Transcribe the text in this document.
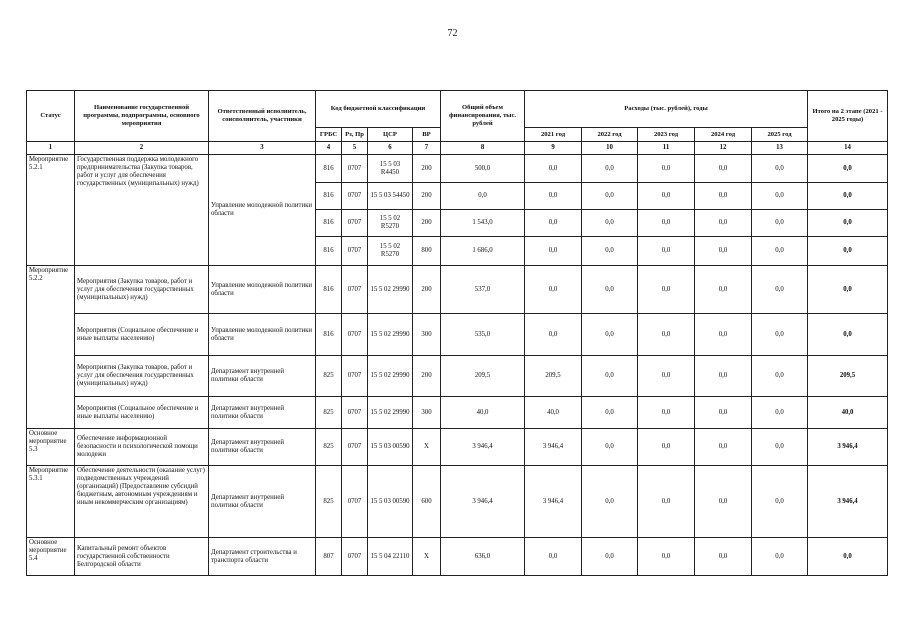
72
Статус	Наименование государственной программы, подпрограммы, основного мероприятия	Ответственный исполнитель, соисполнитель, участники	Код бюджетной классификации				Общий объем финансирования, тыс. рублей	Расходы (тыс. рублей), годы					Итого на 2 этапе (2021 - 2025 годы)
			ГРБС	Рз, Пр	ЦСР	ВР		2021 год	2022 год	2023 год	2024 год	2025 год	
1	2	3	4	5	6	7	8	9	10	11	12	13	14
Мероприятие 5.2.1	Государственная поддержка молодежного предпринимательства (Закупка товаров, работ и услуг для обеспечения государственных (муниципальных) нужд)	Управление молодежной политики области	816	0707	15 5 03 R4450	200	500,0	0,0	0,0	0,0	0,0	0,0	0,0
			816	0707	15 5 03 54450	200	0,0	0,0	0,0	0,0	0,0	0,0	0,0
			816	0707	15 5 02 R5270	200	1 543,0	0,0	0,0	0,0	0,0	0,0	0,0
			816	0707	15 5 02 R5270	800	1 686,0	0,0	0,0	0,0	0,0	0,0	0,0
Мероприятие 5.2.2	Мероприятия (Закупка товаров, работ и услуг для обеспечения государственных (муниципальных) нужд)	Управление молодежной политики области	816	0707	15 5 02 29990	200	537,0	0,0	0,0	0,0	0,0	0,0	0,0
	Мероприятия (Социальное обеспечение и иные выплаты населению)	Управление молодежной политики области	816	0707	15 5 02 29990	300	535,0	0,0	0,0	0,0	0,0	0,0	0,0
	Мероприятия (Закупка товаров, работ и услуг для обеспечения государственных (муниципальных) нужд)	Департамент внутренней политики области	825	0707	15 5 02 29990	200	209,5	209,5	0,0	0,0	0,0	0,0	209,5
	Мероприятия (Социальное обеспечение и иные выплаты населению)	Департамент внутренней политики области	825	0707	15 5 02 29990	300	40,0	40,0	0,0	0,0	0,0	0,0	40,0
Основное мероприятие 5.3	Обеспечение информационной безопасности и психологической помощи молодежи	Департамент внутренней политики области	825	0707	15 5 03 00590	Х	3 946,4	3 946,4	0,0	0,0	0,0	0,0	3 946,4
Мероприятие 5.3.1	Обеспечение деятельности (оказание услуг) подведомственных учреждений (организаций) (Предоставление субсидий бюджетным, автономным учреждениям и иным некоммерческим организациям)	Департамент внутренней политики области	825	0707	15 5 03 00590	600	3 946,4	3 946,4	0,0	0,0	0,0	0,0	3 946,4
Основное мероприятие 5.4	Капитальный ремонт объектов государственной собственности Белгородской области	Департамент строительства и транспорта области	807	0707	15 5 04 22110	Х	636,0	0,0	0,0	0,0	0,0	0,0	0,0
